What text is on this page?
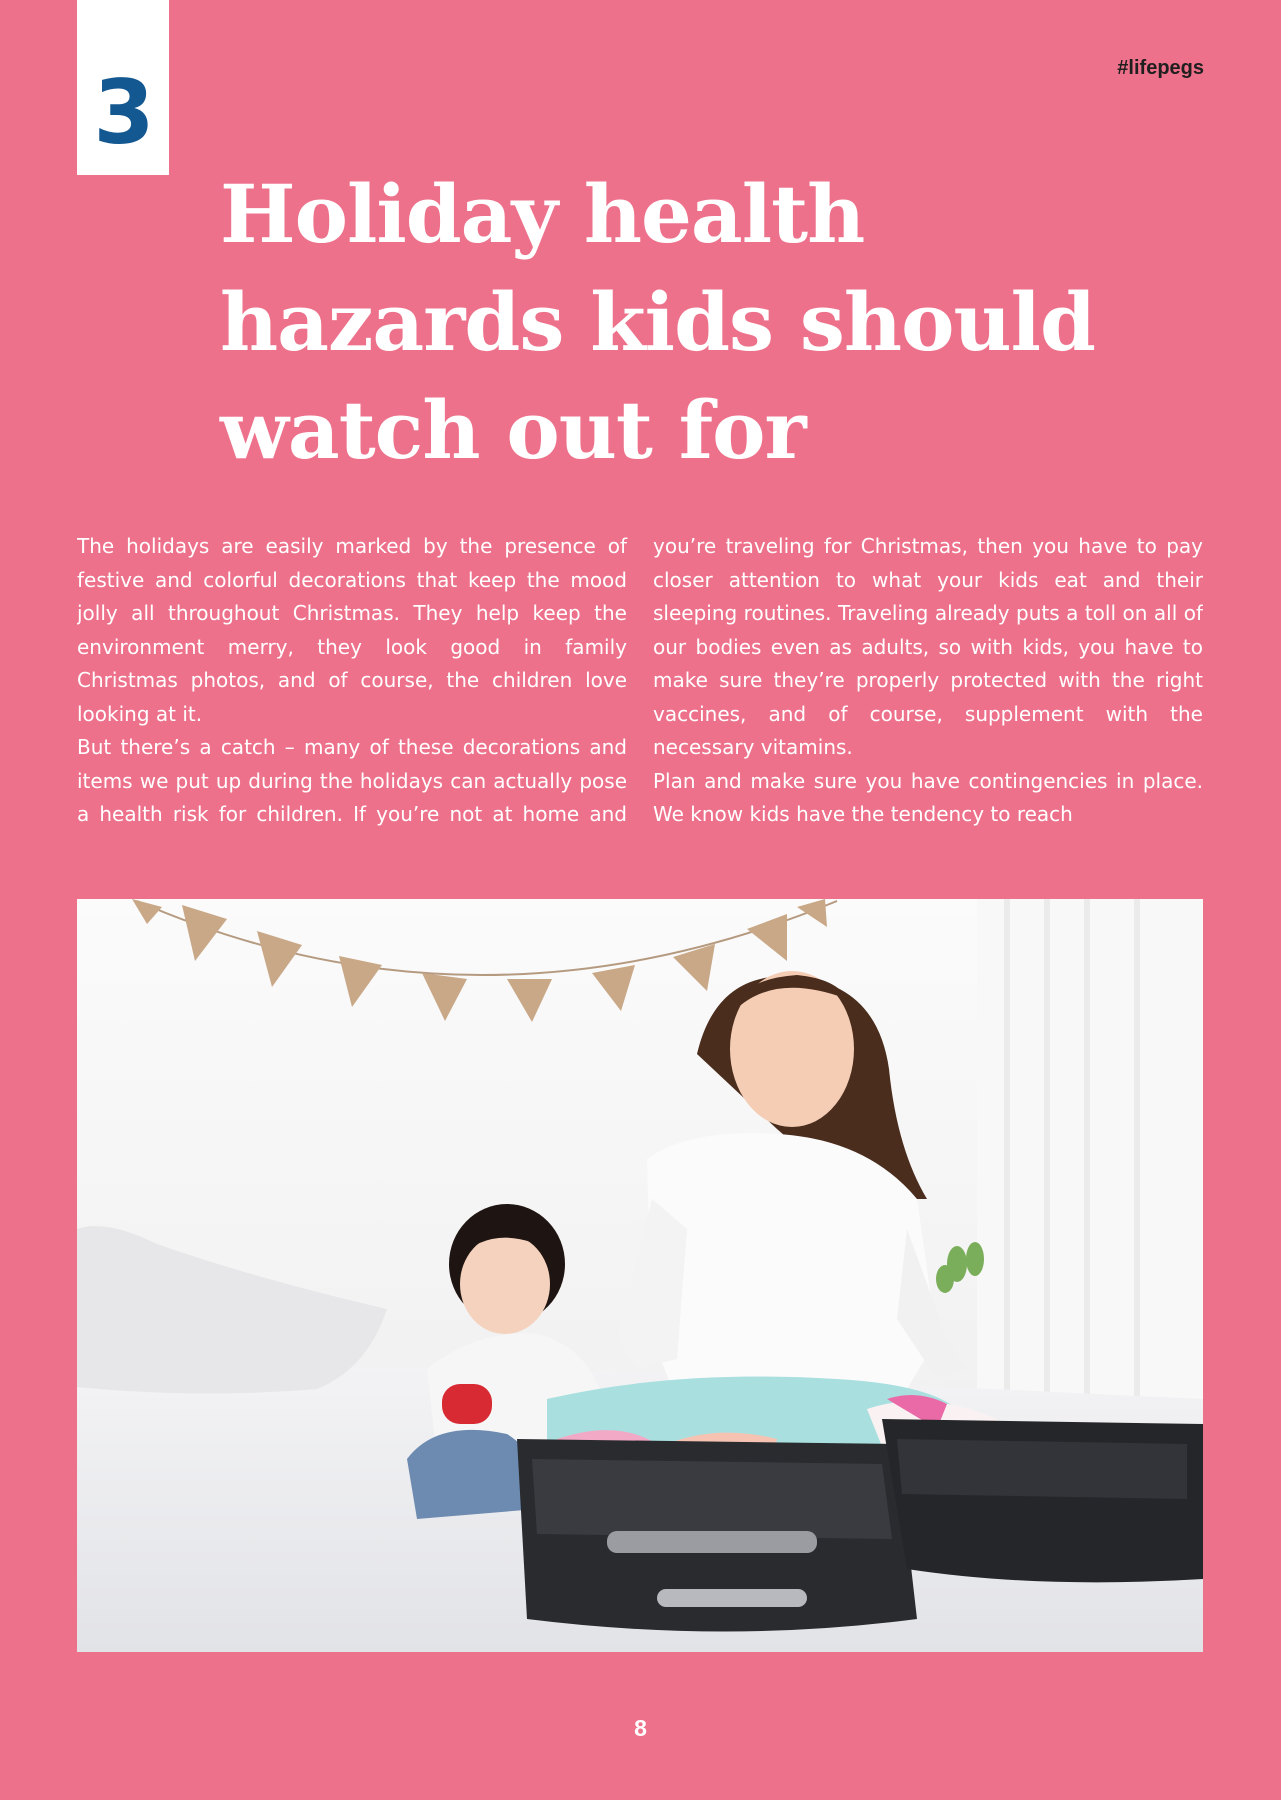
3	#lifepegs
Holiday health hazards kids should watch out for

The holidays are easily marked by the presence of festive and colorful decorations that keep the mood jolly all throughout Christmas. They help keep the environment merry, they look good in family Christmas photos, and of course, the children love looking at it.

But there’s a catch – many of these decorations and items we put up during the holidays can actually pose a health risk for children. If you’re not at home and you’re traveling for Christmas, then you have to pay closer attention to what your kids eat and their sleeping routines. Traveling already puts a toll on all of our bodies even as adults, so with kids, you have to make sure they’re properly protected with the right vaccines, and of course, supplement with the necessary vitamins.

Plan and make sure you have contingencies in place. We know kids have the tendency to reach

8
